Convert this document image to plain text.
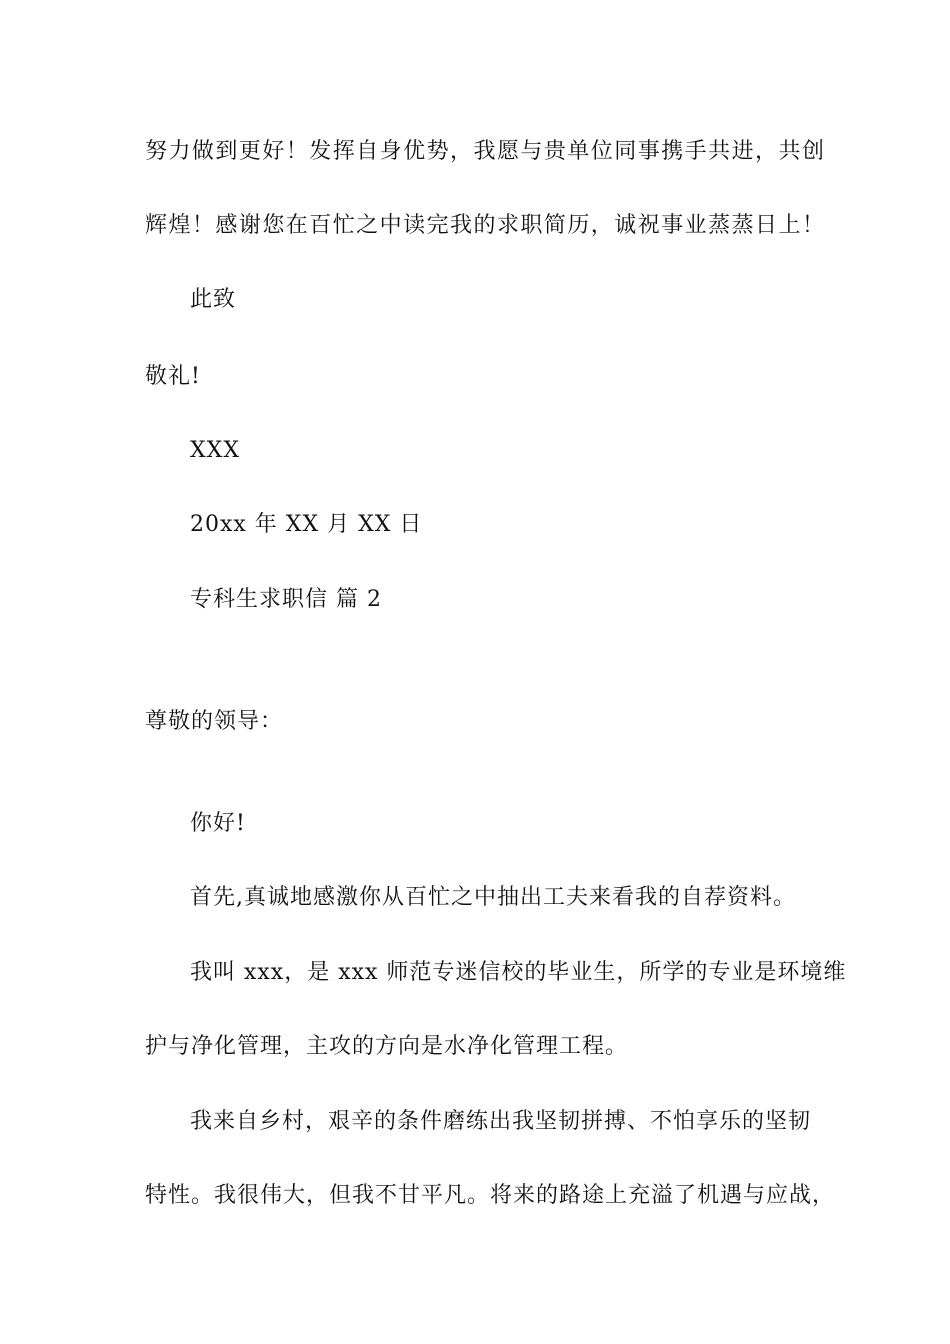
努力做到更好！发挥自身优势，我愿与贵单位同事携手共进，共创
辉煌！感谢您在百忙之中读完我的求职简历，诚祝事业蒸蒸日上！
此致
敬礼!
XXX
20xx 年 XX 月 XX 日
专科生求职信 篇 2
尊敬的领导：
你好!
首先,真诚地感激你从百忙之中抽出工夫来看我的自荐资料。
我叫 xxx，是 xxx 师范专迷信校的毕业生，所学的专业是环境维
护与净化管理，主攻的方向是水净化管理工程。
我来自乡村，艰辛的条件磨练出我坚韧拼搏、不怕享乐的坚韧
特性。我很伟大，但我不甘平凡。将来的路途上充溢了机遇与应战，
